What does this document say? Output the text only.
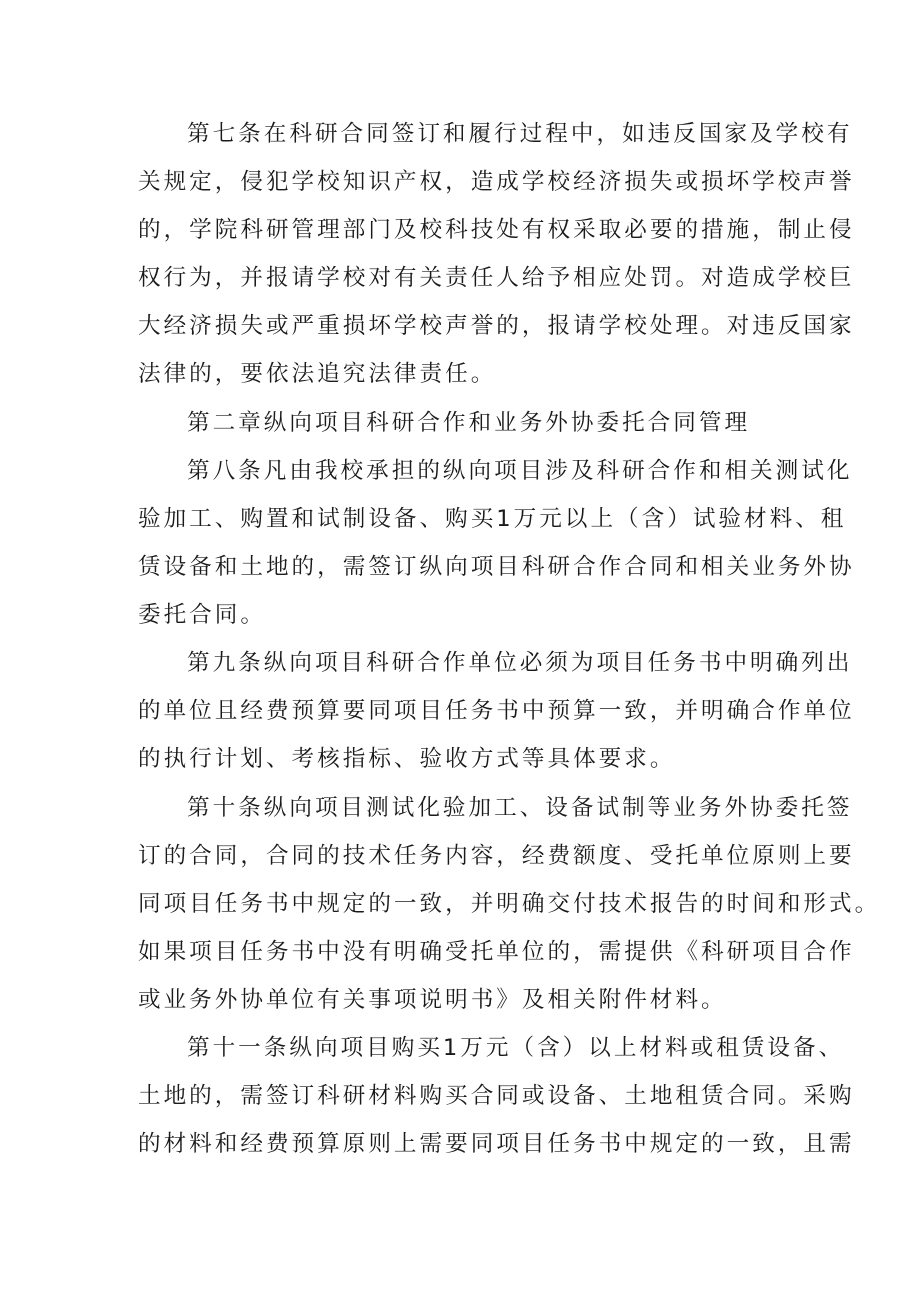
第七条在科研合同签订和履行过程中，如违反国家及学校有
关规定，侵犯学校知识产权，造成学校经济损失或损坏学校声誉
的，学院科研管理部门及校科技处有权采取必要的措施，制止侵
权行为，并报请学校对有关责任人给予相应处罚。对造成学校巨
大经济损失或严重损坏学校声誉的，报请学校处理。对违反国家
法律的，要依法追究法律责任。
第二章纵向项目科研合作和业务外协委托合同管理
第八条凡由我校承担的纵向项目涉及科研合作和相关测试化
验加工、购置和试制设备、购买1万元以上（含）试验材料、租
赁设备和土地的，需签订纵向项目科研合作合同和相关业务外协
委托合同。
第九条纵向项目科研合作单位必须为项目任务书中明确列出
的单位且经费预算要同项目任务书中预算一致，并明确合作单位
的执行计划、考核指标、验收方式等具体要求。
第十条纵向项目测试化验加工、设备试制等业务外协委托签
订的合同，合同的技术任务内容，经费额度、受托单位原则上要
同项目任务书中规定的一致，并明确交付技术报告的时间和形式。
如果项目任务书中没有明确受托单位的，需提供《科研项目合作
或业务外协单位有关事项说明书》及相关附件材料。
第十一条纵向项目购买1万元（含）以上材料或租赁设备、
土地的，需签订科研材料购买合同或设备、土地租赁合同。采购
的材料和经费预算原则上需要同项目任务书中规定的一致，且需
